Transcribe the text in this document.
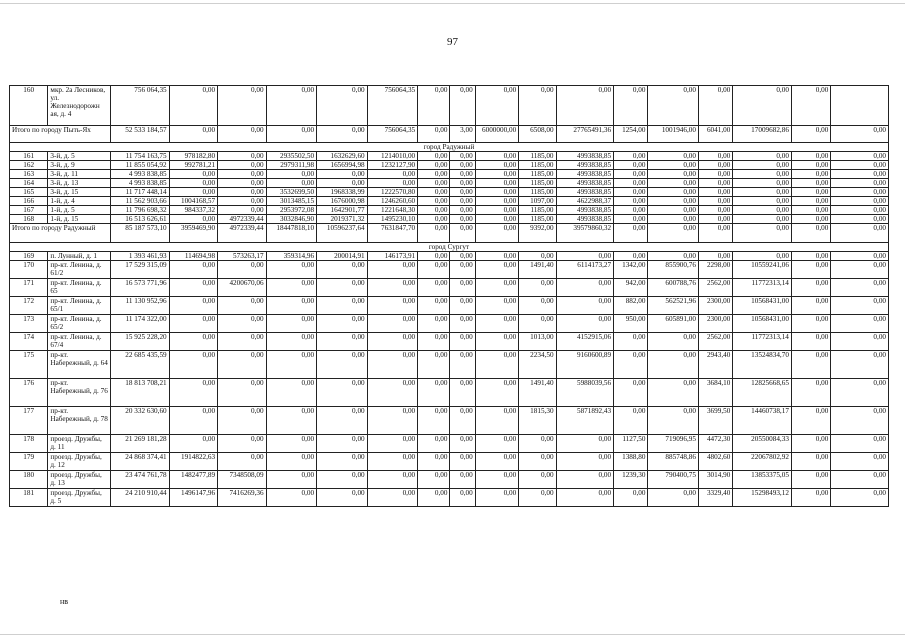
97
160	мкр. 2а Лесников, ул. Железнодорожн ая, д. 4	756 064,35	0,00	0,00	0,00	0,00	756064,35	0,00	0,00	0,00	0,00	0,00	0,00	0,00	0,00	0,00	0,00	
Итого по городу Пыть-Ях		52 533 184,57	0,00	0,00	0,00	0,00	756064,35	0,00	3,00	6000000,00	6508,00	27765491,36	1254,00	1001946,00	6041,00	17009682,86	0,00	0,00
город Радужный																		
161	3-й, д. 5	11 754 163,75	978182,80	0,00	2935502,50	1632629,60	1214010,00	0,00	0,00	0,00	1185,00	4993838,85	0,00	0,00	0,00	0,00	0,00	0,00
162	3-й, д. 9	11 855 054,92	992781,21	0,00	2979311,98	1656994,98	1232127,90	0,00	0,00	0,00	1185,00	4993838,85	0,00	0,00	0,00	0,00	0,00	0,00
163	3-й, д. 11	4 993 838,85	0,00	0,00	0,00	0,00	0,00	0,00	0,00	0,00	1185,00	4993838,85	0,00	0,00	0,00	0,00	0,00	0,00
164	3-й, д. 13	4 993 838,85	0,00	0,00	0,00	0,00	0,00	0,00	0,00	0,00	1185,00	4993838,85	0,00	0,00	0,00	0,00	0,00	0,00
165	3-й, д. 15	11 717 448,14	0,00	0,00	3532699,50	1968338,99	1222570,80	0,00	0,00	0,00	1185,00	4993838,85	0,00	0,00	0,00	0,00	0,00	0,00
166	1-й, д. 4	11 562 903,66	1004168,57	0,00	3013485,15	1676000,98	1246260,60	0,00	0,00	0,00	1097,00	4622988,37	0,00	0,00	0,00	0,00	0,00	0,00
167	1-й, д. 5	11 796 698,32	984337,32	0,00	2953972,08	1642901,77	1221648,30	0,00	0,00	0,00	1185,00	4993838,85	0,00	0,00	0,00	0,00	0,00	0,00
168	1-й, д. 15	16 513 626,61	0,00	4972339,44	3032846,90	2019371,32	1495230,10	0,00	0,00	0,00	1185,00	4993838,85	0,00	0,00	0,00	0,00	0,00	0,00
Итого по городу Радужный		85 187 573,10	3959469,90	4972339,44	18447818,10	10596237,64	7631847,70	0,00	0,00	0,00	9392,00	39579860,32	0,00	0,00	0,00	0,00	0,00	0,00
город Сургут																		
169	п. Лунный, д. 1	1 393 461,93	114694,98	573263,17	359314,96	200014,91	146173,91	0,00	0,00	0,00	0,00	0,00	0,00	0,00	0,00	0,00	0,00	0,00
170	пр-кт. Ленина, д. 61/2	17 529 315,09	0,00	0,00	0,00	0,00	0,00	0,00	0,00	0,00	1491,40	6114173,27	1342,00	855900,76	2298,00	10559241,06	0,00	0,00
171	пр-кт. Ленина, д. 65	16 573 771,96	0,00	4200670,06	0,00	0,00	0,00	0,00	0,00	0,00	0,00	0,00	942,00	600788,76	2562,00	11772313,14	0,00	0,00
172	пр-кт. Ленина, д. 65/1	11 130 952,96	0,00	0,00	0,00	0,00	0,00	0,00	0,00	0,00	0,00	0,00	882,00	562521,96	2300,00	10568431,00	0,00	0,00
173	пр-кт. Ленина, д. 65/2	11 174 322,00	0,00	0,00	0,00	0,00	0,00	0,00	0,00	0,00	0,00	0,00	950,00	605891,00	2300,00	10568431,00	0,00	0,00
174	пр-кт. Ленина, д. 67/4	15 925 228,20	0,00	0,00	0,00	0,00	0,00	0,00	0,00	0,00	1013,00	4152915,06	0,00	0,00	2562,00	11772313,14	0,00	0,00
175	пр-кт. Набережный, д. 64	22 685 435,59	0,00	0,00	0,00	0,00	0,00	0,00	0,00	0,00	2234,50	9160600,89	0,00	0,00	2943,40	13524834,70	0,00	0,00
176	пр-кт. Набережный, д. 76	18 813 708,21	0,00	0,00	0,00	0,00	0,00	0,00	0,00	0,00	1491,40	5988039,56	0,00	0,00	3684,10	12825668,65	0,00	0,00
177	пр-кт. Набережный, д. 78	20 332 630,60	0,00	0,00	0,00	0,00	0,00	0,00	0,00	0,00	1815,30	5871892,43	0,00	0,00	3699,50	14460738,17	0,00	0,00
178	проезд. Дружбы, д. 11	21 269 181,28	0,00	0,00	0,00	0,00	0,00	0,00	0,00	0,00	0,00	0,00	1127,50	719096,95	4472,30	20550084,33	0,00	0,00
179	проезд. Дружбы, д. 12	24 868 374,41	1914822,63	0,00	0,00	0,00	0,00	0,00	0,00	0,00	0,00	0,00	1388,80	885748,86	4802,60	22067802,92	0,00	0,00
180	проезд. Дружбы, д. 13	23 474 761,78	1482477,89	7348508,09	0,00	0,00	0,00	0,00	0,00	0,00	0,00	0,00	1239,30	790400,75	3014,90	13853375,05	0,00	0,00
181	проезд. Дружбы, д. 5	24 210 910,44	1496147,96	7416269,36	0,00	0,00	0,00	0,00	0,00	0,00	0,00	0,00	0,00	0,00	3329,40	15298493,12	0,00	0,00
нв
